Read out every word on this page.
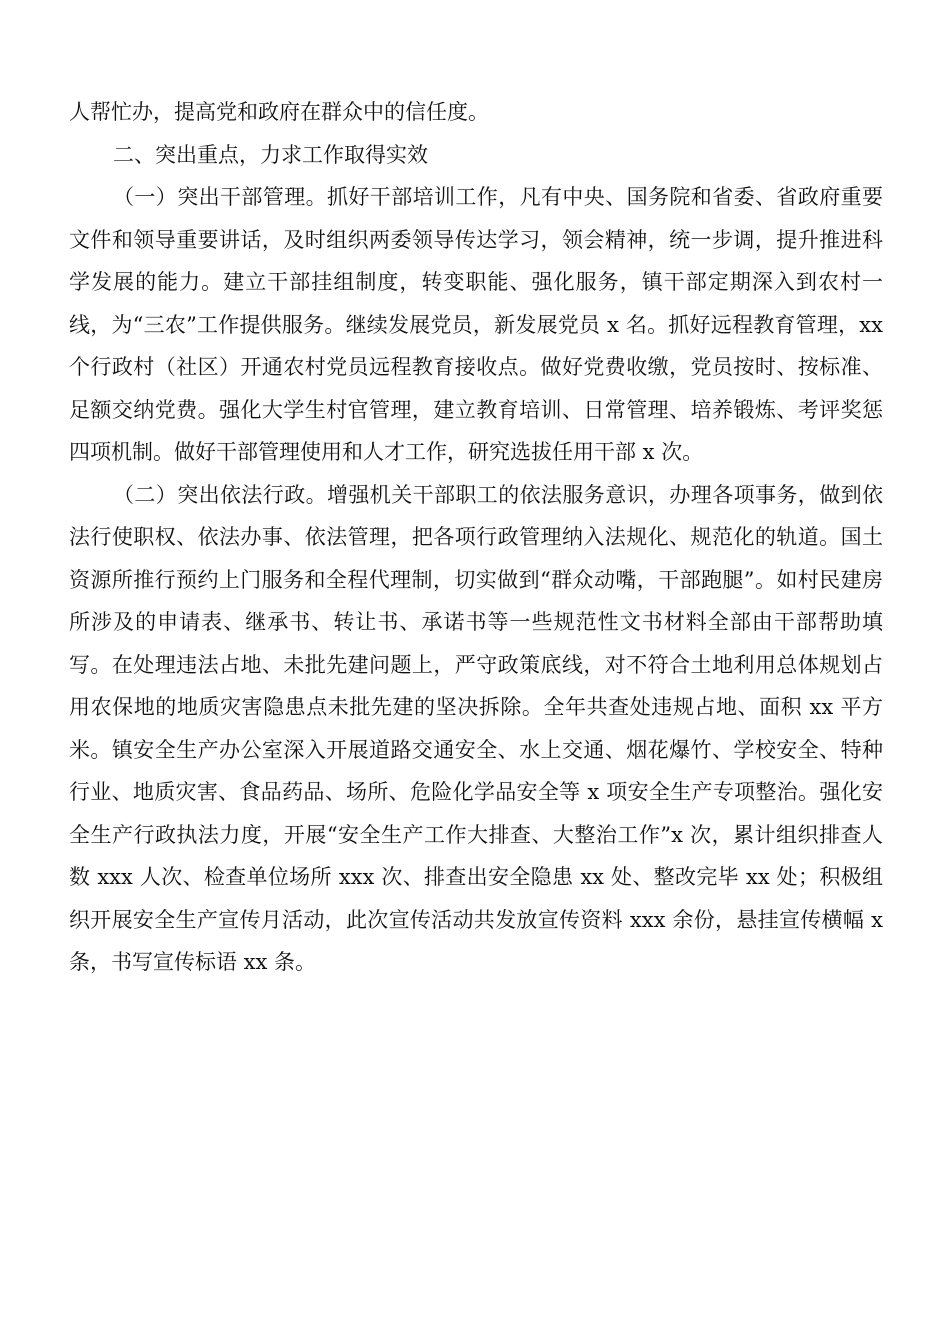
人帮忙办，提高党和政府在群众中的信任度。

二、突出重点，力求工作取得实效

（一）突出干部管理。抓好干部培训工作，凡有中央、国务院和省委、省政府重要文件和领导重要讲话，及时组织两委领导传达学习，领会精神，统一步调，提升推进科学发展的能力。建立干部挂组制度，转变职能、强化服务，镇干部定期深入到农村一线，为“三农”工作提供服务。继续发展党员，新发展党员 x 名。抓好远程教育管理，xx 个行政村（社区）开通农村党员远程教育接收点。做好党费收缴，党员按时、按标准、足额交纳党费。强化大学生村官管理，建立教育培训、日常管理、培养锻炼、考评奖惩四项机制。做好干部管理使用和人才工作，研究选拔任用干部 x 次。

（二）突出依法行政。增强机关干部职工的依法服务意识，办理各项事务，做到依法行使职权、依法办事、依法管理，把各项行政管理纳入法规化、规范化的轨道。国土资源所推行预约上门服务和全程代理制，切实做到“群众动嘴，干部跑腿”。如村民建房所涉及的申请表、继承书、转让书、承诺书等一些规范性文书材料全部由干部帮助填写。在处理违法占地、未批先建问题上，严守政策底线，对不符合土地利用总体规划占用农保地的地质灾害隐患点未批先建的坚决拆除。全年共查处违规占地、面积 xx 平方米。镇安全生产办公室深入开展道路交通安全、水上交通、烟花爆竹、学校安全、特种行业、地质灾害、食品药品、场所、危险化学品安全等 x 项安全生产专项整治。强化安全生产行政执法力度，开展“安全生产工作大排查、大整治工作”x 次，累计组织排查人数 xxx 人次、检查单位场所 xxx 次、排查出安全隐患 xx 处、整改完毕 xx 处；积极组织开展安全生产宣传月活动，此次宣传活动共发放宣传资料 xxx 余份，悬挂宣传横幅 x 条，书写宣传标语 xx 条。
